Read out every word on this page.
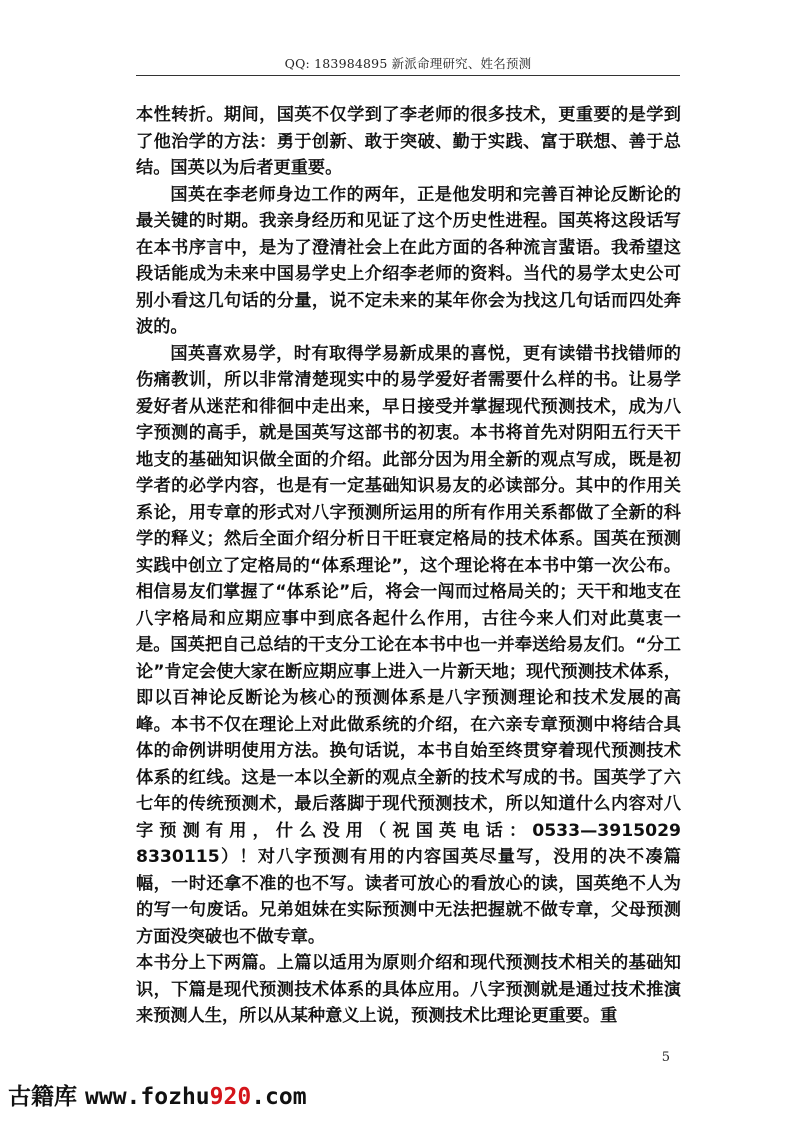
QQ: 183984895 新派命理研究、姓名预测

本性转折。期间，国英不仅学到了李老师的很多技术，更重要的是学到了他治学的方法：勇于创新、敢于突破、勤于实践、富于联想、善于总结。国英以为后者更重要。

国英在李老师身边工作的两年，正是他发明和完善百神论反断论的最关键的时期。我亲身经历和见证了这个历史性进程。国英将这段话写在本书序言中，是为了澄清社会上在此方面的各种流言蜚语。我希望这段话能成为未来中国易学史上介绍李老师的资料。当代的易学太史公可别小看这几句话的分量，说不定未来的某年你会为找这几句话而四处奔波的。

国英喜欢易学，时有取得学易新成果的喜悦，更有读错书找错师的伤痛教训，所以非常清楚现实中的易学爱好者需要什么样的书。让易学爱好者从迷茫和徘徊中走出来，早日接受并掌握现代预测技术，成为八字预测的高手，就是国英写这部书的初衷。本书将首先对阴阳五行天干地支的基础知识做全面的介绍。此部分因为用全新的观点写成，既是初学者的必学内容，也是有一定基础知识易友的必读部分。其中的作用关系论，用专章的形式对八字预测所运用的所有作用关系都做了全新的科学的释义；然后全面介绍分析日干旺衰定格局的技术体系。国英在预测实践中创立了定格局的“体系理论”，这个理论将在本书中第一次公布。相信易友们掌握了“体系论”后，将会一闯而过格局关的；天干和地支在八字格局和应期应事中到底各起什么作用，古往今来人们对此莫衷一是。国英把自己总结的干支分工论在本书中也一并奉送给易友们。“分工论”肯定会使大家在断应期应事上进入一片新天地；现代预测技术体系，即以百神论反断论为核心的预测体系是八字预测理论和技术发展的高峰。本书不仅在理论上对此做系统的介绍，在六亲专章预测中将结合具体的命例讲明使用方法。换句话说，本书自始至终贯穿着现代预测技术体系的红线。这是一本以全新的观点全新的技术写成的书。国英学了六七年的传统预测术，最后落脚于现代预测技术，所以知道什么内容对八字预测有用，什么没用（祝国英电话：0533—3915029 8330115）！对八字预测有用的内容国英尽量写，没用的决不凑篇幅，一时还拿不准的也不写。读者可放心的看放心的读，国英绝不人为的写一句废话。兄弟姐妹在实际预测中无法把握就不做专章，父母预测方面没突破也不做专章。

本书分上下两篇。上篇以适用为原则介绍和现代预测技术相关的基础知识，下篇是现代预测技术体系的具体应用。八字预测就是通过技术推演来预测人生，所以从某种意义上说，预测技术比理论更重要。重

5
古籍库 www.fozhu920.com
